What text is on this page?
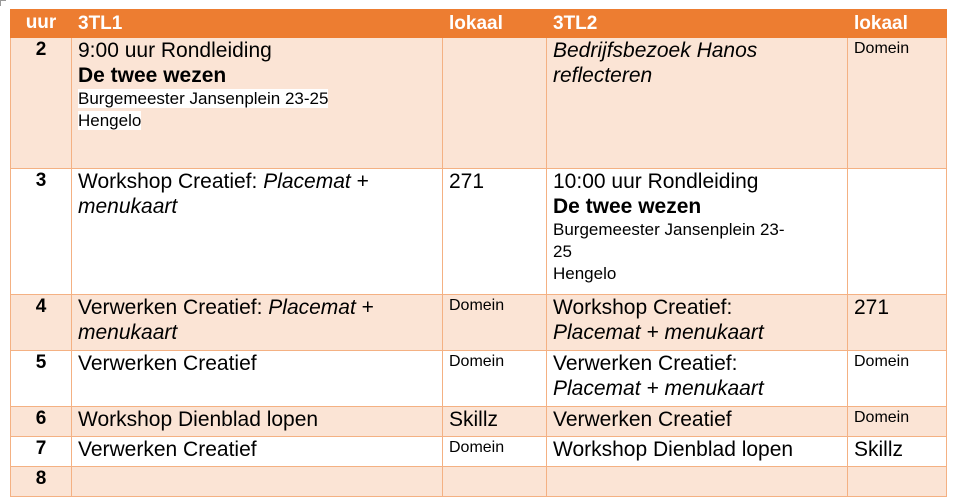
uur	3TL1	lokaal	3TL2	lokaal
2	9:00 uur Rondleiding
De twee wezen
Burgemeester Jansenplein 23-25
Hengelo		Bedrijfsbezoek Hanos
reflecteren	Domein
3	Workshop Creatief: Placemat +
menukaart	271	10:00 uur Rondleiding
De twee wezen
Burgemeester Jansenplein 23-
25
Hengelo	

4	Verwerken Creatief: Placemat +
menukaart	Domein	Workshop Creatief:
Placemat + menukaart	271
5	Verwerken Creatief	Domein	Verwerken Creatief:
Placemat + menukaart	Domein
6	Workshop Dienblad lopen	Skillz	Verwerken Creatief	Domein
7	Verwerken Creatief	Domein	Workshop Dienblad lopen	Skillz
8				
